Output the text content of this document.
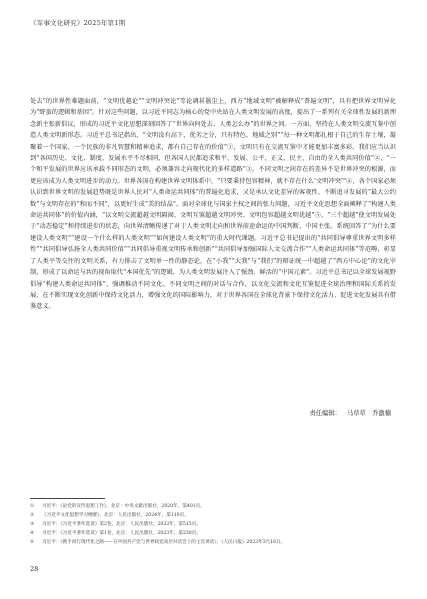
《军事文化研究》2025年第1期
处去”的世界性难题面前，“文明优越论”“文明冲突论”等论调甚嚣尘上，西方“地域文明”被解释成“普遍文明”，具有把世界文明异化为“野蛮的逻辑和基因”。针对这些问题，以习近平同志为核心的党中央站在人类文明发展的高度，提出了一系列有关全球性发展的新理念新主张新倡议，形成的习近平文化思想深刻回答了“世界向何处去、人类怎么办”的世界之问。一方面，坚持在人类文明交流互鉴中创造人类文明新形态。习近平总书记指出，“文明没有高下、优劣之分，只有特色、地域之别”“每一种文明都扎根于自己的生存土壤，凝聚着一个国家、一个民族的非凡智慧和精神追求，都有自己存在的价值”①，文明只有在交流互鉴中才能更加丰富多彩。我们应当认识到“各国历史、文化、制度、发展水平不尽相同，但各国人民都追求和平、发展、公平、正义、民主、自由的全人类共同价值”②，“一个和平发展的世界应该承载不同形态的文明，必须兼容走向现代化的多样道路”③。不同文明之间存在的差异不是世界冲突的根源，而更应该成为人类文明进步的动力。世界各国在构建世界文明体系中，“只要秉持包容精神，就不存在什么‘文明冲突’”④，各个国家必须认识到世界文明的发展趋势既是世界人民对“人类命运共同体”的普遍化追求，又是承认文化差异的客观性、不断追寻发展的“最大公约数”与文明存在的“和而不同”，以更好生成“美的结晶”。面对全球化与国家主权之间的张力问题，习近平文化思想全面阐释了“构建人类命运共同体”的价值内涵，“以文明交流超越文明隔阂、文明互鉴超越文明冲突、文明包容超越文明优越”⑤。“三个超越”使文明发展处于“动态稳定”和持续进步的状态，向世界清晰传递了对于人类文明走向和世界前途命运的中国判断、中国主张。系统回答了“为什么要建设人类文明”“建设一个什么样的人类文明”“如何建设人类文明”的重大时代课题。习近平总书记提出的“共同倡导尊重世界文明多样性”“共同倡导弘扬全人类共同价值”“共同倡导重视文明传承和创新”“共同倡导加强国际人文交流合作”“人类命运共同体”等范畴，彰显了人类平等交往的文明关系，有力排击了文明单一性的静态论，在“小我”“大我”与“我们”的辩证统一中超越了“西方中心论”的文化宰制，形成了以命运与共的视角取代“本国优先”的逻辑，为人类文明发展注入了强劲、鲜活的“中国元素”。习近平总书记以全球发展视野倡导“构建人类命运共同体”，强调推动不同文化、不同文明之间的对话与合作，以文化交流和文化互鉴促进全球治理和国际关系的发展，在不断实现文化创新中保持文化活力，增强文化的国际影响力，对于世界各国在全球化背景下保持文化活力、促进文化发展具有借鉴意义。
责任编辑： 马草草　乔激楠
①	习近平：《论党的宣传思想工作》，北京：中央文献出版社，2020年，第401页。
②	《习近平文化思想学习纲要》，北京：人民出版社，2024年，第110页。
③	习近平：《习近平著作选读》第2卷，北京：人民出版社，2023年，第515页。
④	习近平：《习近平著作选读》第1卷，北京：人民出版社，2023年，第230页。
⑤	习近平：《携手同行现代化之路——在中国共产党与世界政党高层对话会上的主旨讲话》，《人民日报》2023年3月16日。
28
